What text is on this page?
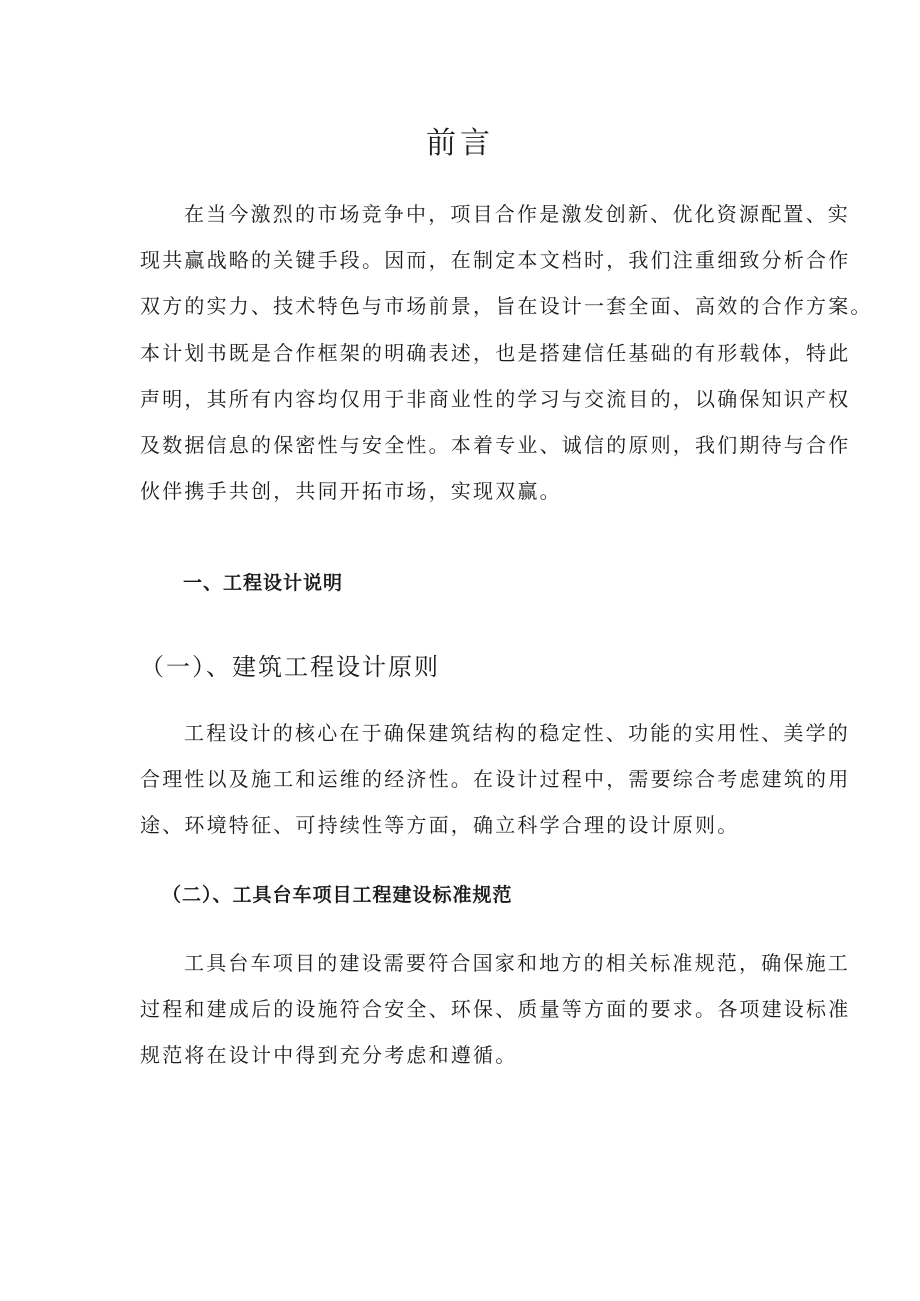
前言

在当今激烈的市场竞争中，项目合作是激发创新、优化资源配置、实
现共赢战略的关键手段。因而，在制定本文档时，我们注重细致分析合作
双方的实力、技术特色与市场前景，旨在设计一套全面、高效的合作方案。
本计划书既是合作框架的明确表述，也是搭建信任基础的有形载体，特此
声明，其所有内容均仅用于非商业性的学习与交流目的，以确保知识产权
及数据信息的保密性与安全性。本着专业、诚信的原则，我们期待与合作
伙伴携手共创，共同开拓市场，实现双赢。

一、工程设计说明
（一）、建筑工程设计原则

工程设计的核心在于确保建筑结构的稳定性、功能的实用性、美学的
合理性以及施工和运维的经济性。在设计过程中，需要综合考虑建筑的用
途、环境特征、可持续性等方面，确立科学合理的设计原则。

（二）、工具台车项目工程建设标准规范

工具台车项目的建设需要符合国家和地方的相关标准规范，确保施工
过程和建成后的设施符合安全、环保、质量等方面的要求。各项建设标准
规范将在设计中得到充分考虑和遵循。
